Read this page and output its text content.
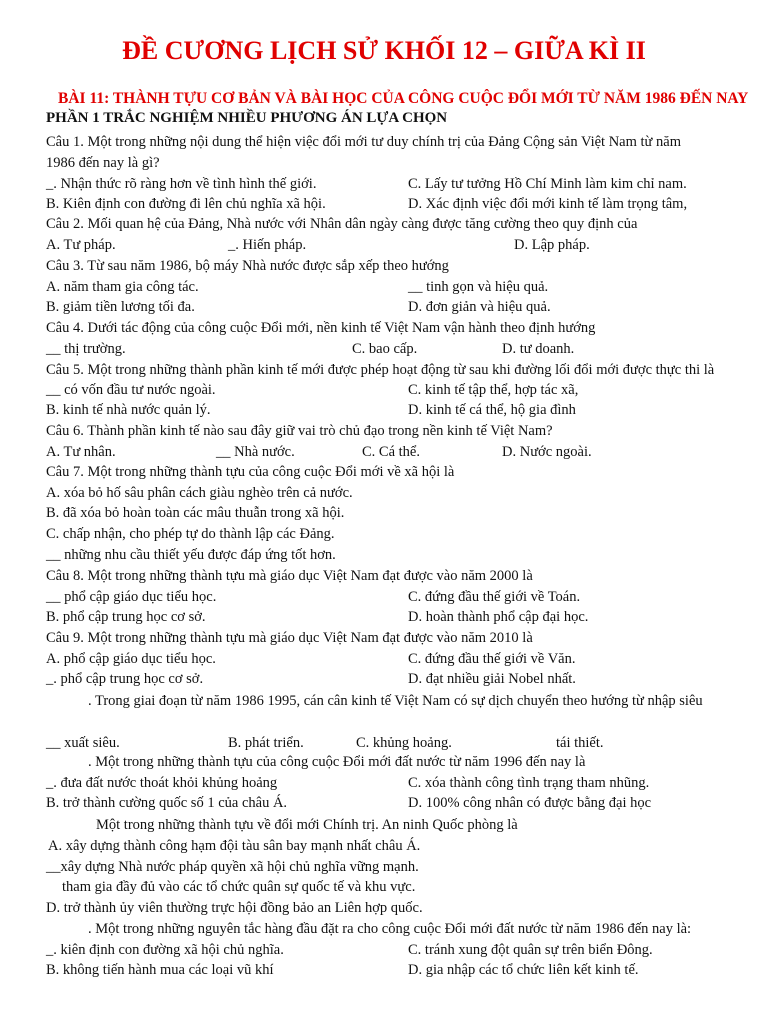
ĐỀ CƯƠNG LỊCH SỬ KHỐI 12 – GIỮA KÌ II
BÀI 11: THÀNH TỰU CƠ BẢN VÀ BÀI HỌC CỦA CÔNG CUỘC ĐỔI MỚI TỪ NĂM 1986 ĐẾN NAY
PHẦN 1 TRẮC NGHIỆM NHIỀU PHƯƠNG ÁN LỰA CHỌN
Câu 1. Một trong những nội dung thể hiện việc đổi mới tư duy chính trị của Đảng Cộng sản Việt Nam từ năm
1986 đến nay là gì?
_. Nhận thức rõ ràng hơn về tình hình thế giới.	C. Lấy tư tưởng Hồ Chí Minh làm kim chỉ nam.
B. Kiên định con đường đi lên chủ nghĩa xã hội.	D. Xác định việc đổi mới kinh tế làm trọng tâm,
Câu 2. Mối quan hệ của Đảng, Nhà nước với Nhân dân ngày càng được tăng cường theo quy định của
A. Tư pháp.	_. Hiến pháp.	D. Lập pháp.
Câu 3. Từ sau năm 1986, bộ máy Nhà nước được sắp xếp theo hướng
A. năm tham gia công tác.	__ tinh gọn và hiệu quả.
B. giảm tiền lương tối đa.	D. đơn giản và hiệu quả.
Câu 4. Dưới tác động của công cuộc Đổi mới, nền kinh tế Việt Nam vận hành theo định hướng
__ thị trường.	C. bao cấp.	D. tư doanh.
Câu 5. Một trong những thành phần kinh tế mới được phép hoạt động từ sau khi đường lối đổi mới được thực thi là
__ có vốn đầu tư nước ngoài.	C. kinh tế tập thể, hợp tác xã,
B. kinh tế nhà nước quản lý.	D. kinh tế cá thể, hộ gia đình
Câu 6. Thành phần kinh tế nào sau đây giữ vai trò chủ đạo trong nền kinh tế Việt Nam?
A. Tư nhân.	__ Nhà nước.	C. Cá thể.	D. Nước ngoài.
Câu 7. Một trong những thành tựu của công cuộc Đổi mới về xã hội là
A. xóa bỏ hố sâu phân cách giàu nghèo trên cả nước.
B. đã xóa bỏ hoàn toàn các mâu thuẫn trong xã hội.
C. chấp nhận, cho phép tự do thành lập các Đảng.
__ những nhu cầu thiết yếu được đáp ứng tốt hơn.
Câu 8. Một trong những thành tựu mà giáo dục Việt Nam đạt được vào năm 2000 là
__ phổ cập giáo dục tiểu học.	C. đứng đầu thế giới về Toán.
B. phổ cập trung học cơ sở.	D. hoàn thành phổ cập đại học.
Câu 9. Một trong những thành tựu mà giáo dục Việt Nam đạt được vào năm 2010 là
A. phổ cập giáo dục tiểu học.	C. đứng đầu thế giới về Văn.
_. phổ cập trung học cơ sở.	D. đạt nhiều giải Nobel nhất.
. Trong giai đoạn từ năm 1986 1995, cán cân kinh tế Việt Nam có sự dịch chuyển theo hướng từ nhập siêu
__ xuất siêu.	B. phát triển.	C. khủng hoảng.	tái thiết.
. Một trong những thành tựu của công cuộc Đổi mới đất nước từ năm 1996 đến nay là
_. đưa đất nước thoát khỏi khủng hoảng	C. xóa thành công tình trạng tham nhũng.
B. trở thành cường quốc số 1 của châu Á.	D. 100% công nhân có được bằng đại học
Một trong những thành tựu về đổi mới Chính trị. An ninh Quốc phòng là
A. xây dựng thành công hạm đội tàu sân bay mạnh nhất châu Á.
__xây dựng Nhà nước pháp quyền xã hội chủ nghĩa vững mạnh.
tham gia đầy đủ vào các tổ chức quân sự quốc tế và khu vực.
D. trở thành ủy viên thường trực hội đồng bảo an Liên hợp quốc.
. Một trong những nguyên tắc hàng đầu đặt ra cho công cuộc Đổi mới đất nước từ năm 1986 đến nay là:
_. kiên định con đường xã hội chủ nghĩa.	C. tránh xung đột quân sự trên biển Đông.
B. không tiến hành mua các loại vũ khí	D. gia nhập các tổ chức liên kết kinh tế.
